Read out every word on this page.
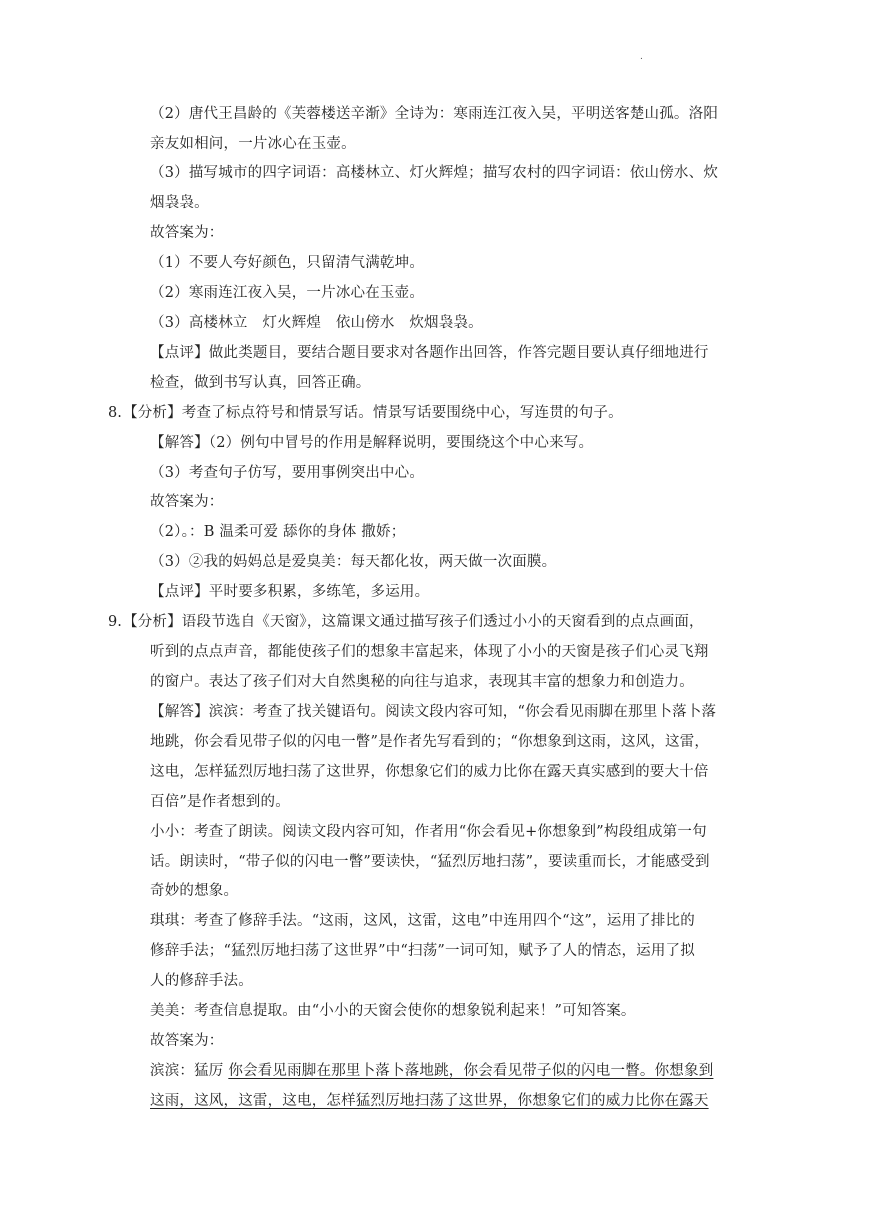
.
（2）唐代王昌龄的《芙蓉楼送辛渐》全诗为：寒雨连江夜入吴，平明送客楚山孤。洛阳
亲友如相问，一片冰心在玉壶。
（3）描写城市的四字词语：高楼林立、灯火辉煌；描写农村的四字词语：依山傍水、炊
烟袅袅。
故答案为：
（1）不要人夸好颜色，只留清气满乾坤。
（2）寒雨连江夜入吴，一片冰心在玉壶。
（3）高楼林立　灯火辉煌　依山傍水　炊烟袅袅。
【点评】做此类题目，要结合题目要求对各题作出回答，作答完题目要认真仔细地进行
检查，做到书写认真，回答正确。
8. 【分析】考查了标点符号和情景写话。情景写话要围绕中心，写连贯的句子。
【解答】（2）例句中冒号的作用是解释说明，要围绕这个中心来写。
（3）考查句子仿写，要用事例突出中心。
故答案为：
（2）。：B 温柔可爱 舔你的身体 撒娇；
（3）②我的妈妈总是爱臭美：每天都化妆，两天做一次面膜。
【点评】平时要多积累，多练笔，多运用。
9. 【分析】语段节选自《天窗》，这篇课文通过描写孩子们透过小小的天窗看到的点点画面，
听到的点点声音，都能使孩子们的想象丰富起来，体现了小小的天窗是孩子们心灵飞翔
的窗户。表达了孩子们对大自然奥秘的向往与追求，表现其丰富的想象力和创造力。
【解答】滨滨：考查了找关键语句。阅读文段内容可知，“你会看见雨脚在那里卜落卜落
地跳，你会看见带子似的闪电一瞥”是作者先写看到的；“你想象到这雨，这风，这雷，
这电，怎样猛烈厉地扫荡了这世界，你想象它们的威力比你在露天真实感到的要大十倍
百倍”是作者想到的。
小小：考查了朗读。阅读文段内容可知，作者用“你会看见+你想象到”构段组成第一句
话。朗读时，“带子似的闪电一瞥”要读快，“猛烈厉地扫荡”，要读重而长，才能感受到
奇妙的想象。
琪琪：考查了修辞手法。“这雨，这风，这雷，这电”中连用四个“这”，运用了排比的
修辞手法；“猛烈厉地扫荡了这世界”中“扫荡”一词可知，赋予了人的情态，运用了拟
人的修辞手法。
美美：考查信息提取。由“小小的天窗会使你的想象锐利起来！”可知答案。
故答案为：
滨滨：猛厉 你会看见雨脚在那里卜落卜落地跳，你会看见带子似的闪电一瞥。你想象到
这雨，这风，这雷，这电，怎样猛烈厉地扫荡了这世界，你想象它们的威力比你在露天
